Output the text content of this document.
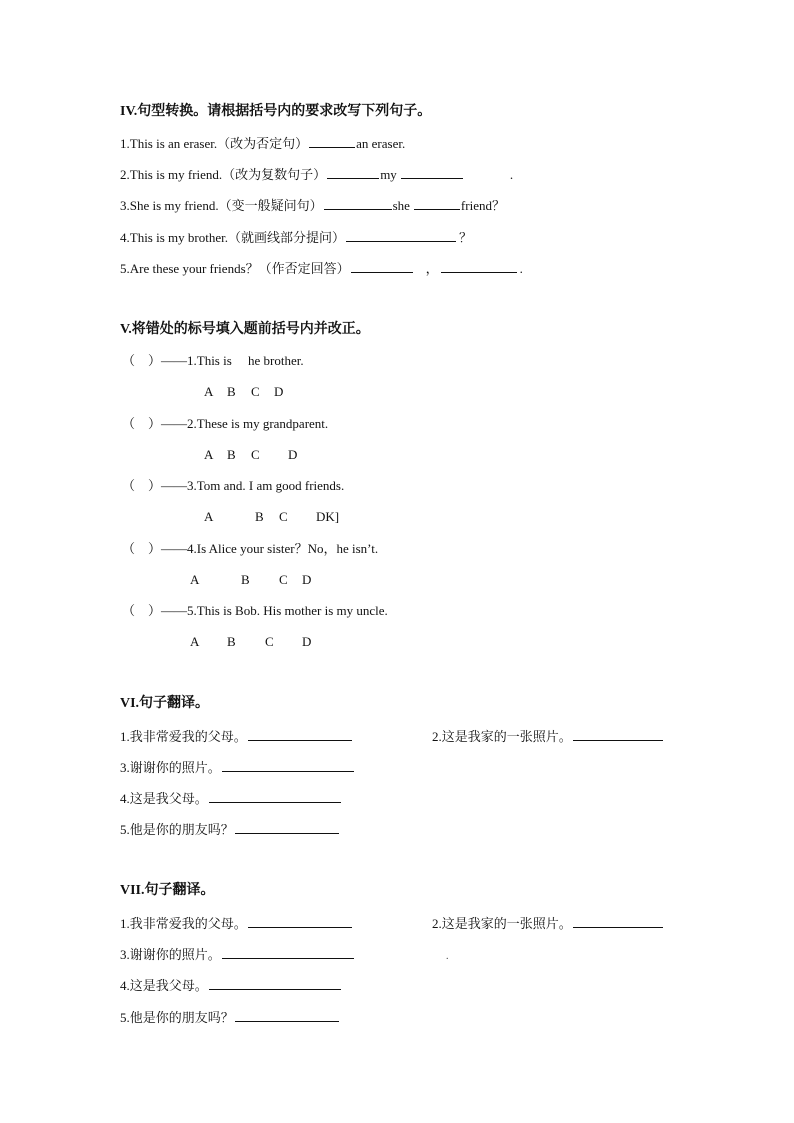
IV.句型转换。请根据括号内的要求改写下列句子。
1.This is an eraser.（改为否定句）	an eraser.
2.This is my friend.（改为复数句子）	my	.
3.She is my friend.（变一般疑问句）	she	friend？
4.This is my brother.（就画线部分提问）	？
5.Are these your friends？（作否定回答）	，	.
V.将错处的标号填入题前括号内并改正。
（　）——1.This is　 he brother.
A B C D
（　）——2.These is my grandparent.
A B C D
（　）——3.Tom and. I am good friends.
A	B C DK]
（　）——4.Is Alice your sister？No，he isn’t.
A	B C D
（　）——5.This is Bob. His mother is my uncle.
A B C D
VI.句子翻译。
1.我非常爱我的父母。	2.这是我家的一张照片。
3.谢谢你的照片。
4.这是我父母。
5.他是你的朋友吗？
VII.句子翻译。
1.我非常爱我的父母。	2.这是我家的一张照片。
3.谢谢你的照片。	.
4.这是我父母。
5.他是你的朋友吗？
